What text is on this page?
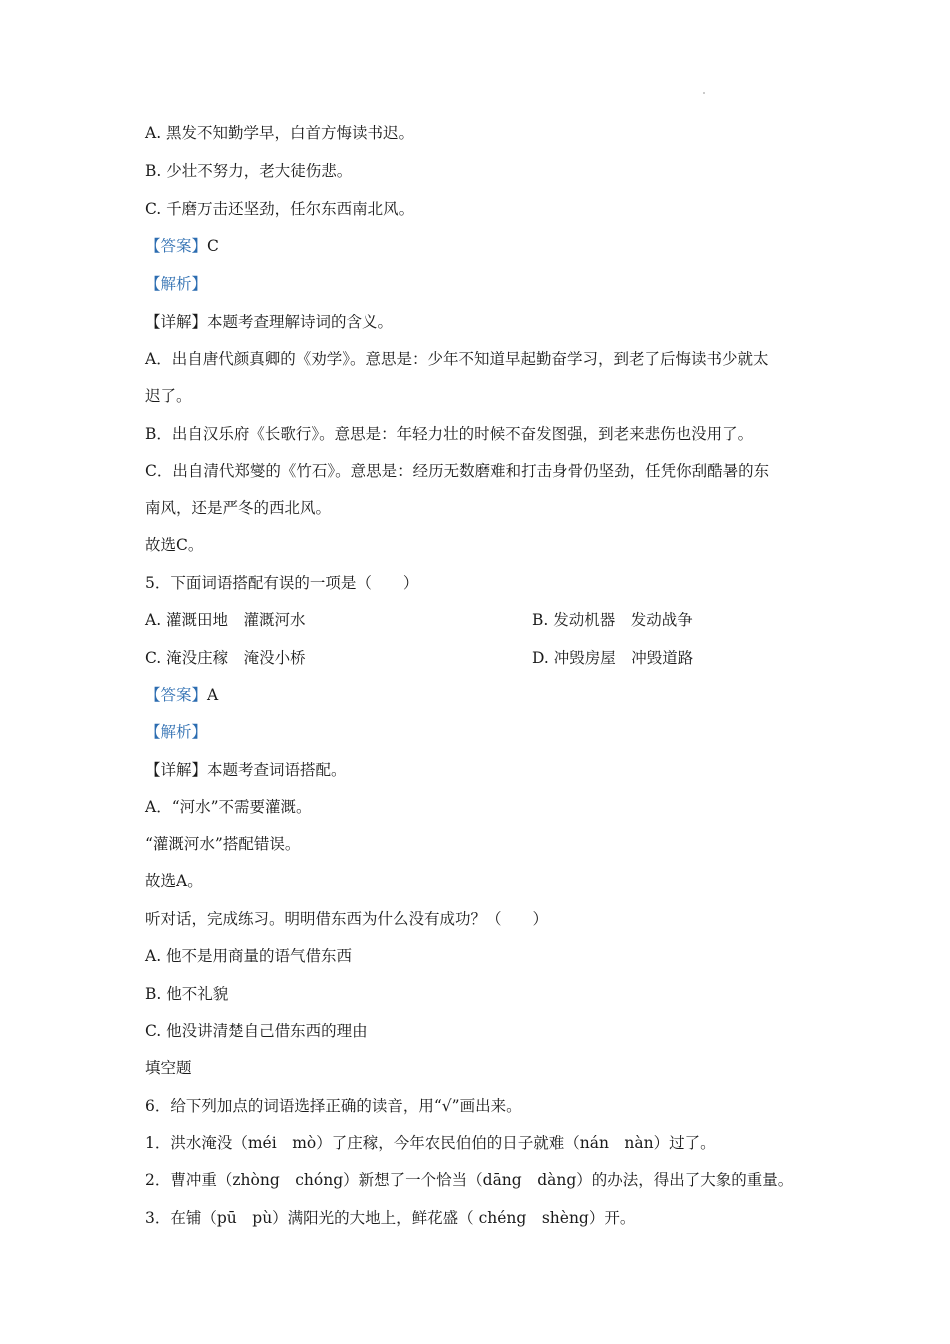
A. 黑发不知勤学早，白首方悔读书迟。
B. 少壮不努力，老大徒伤悲。
C. 千磨万击还坚劲，任尔东西南北风。
【答案】C
【解析】
【详解】本题考查理解诗词的含义。
A．出自唐代颜真卿的《劝学》。意思是：少年不知道早起勤奋学习，到老了后悔读书少就太
迟了。
B．出自汉乐府《长歌行》。意思是：年轻力壮的时候不奋发图强，到老来悲伤也没用了。
C．出自清代郑燮的《竹石》。意思是：经历无数磨难和打击身骨仍坚劲，任凭你刮酷暑的东
南风，还是严冬的西北风。
故选C。
5．下面词语搭配有误的一项是（　　）
A. 灌溉田地　灌溉河水	B. 发动机器　发动战争
C. 淹没庄稼　淹没小桥	D. 冲毁房屋　冲毁道路
【答案】A
【解析】
【详解】本题考查词语搭配。
A．“河水”不需要灌溉。
“灌溉河水”搭配错误。
故选A。
听对话，完成练习。明明借东西为什么没有成功？（　　）
A. 他不是用商量的语气借东西
B. 他不礼貌
C. 他没讲清楚自己借东西的理由
填空题
6．给下列加点的词语选择正确的读音，用“√”画出来。
1．洪水淹没（méi　mò）了庄稼，今年农民伯伯的日子就难（nán　nàn）过了。
2．曹冲重（zhòng　chóng）新想了一个恰当（dāng　dàng）的办法，得出了大象的重量。
3．在铺（pū　pù）满阳光的大地上，鲜花盛（ chéng　shèng）开。
